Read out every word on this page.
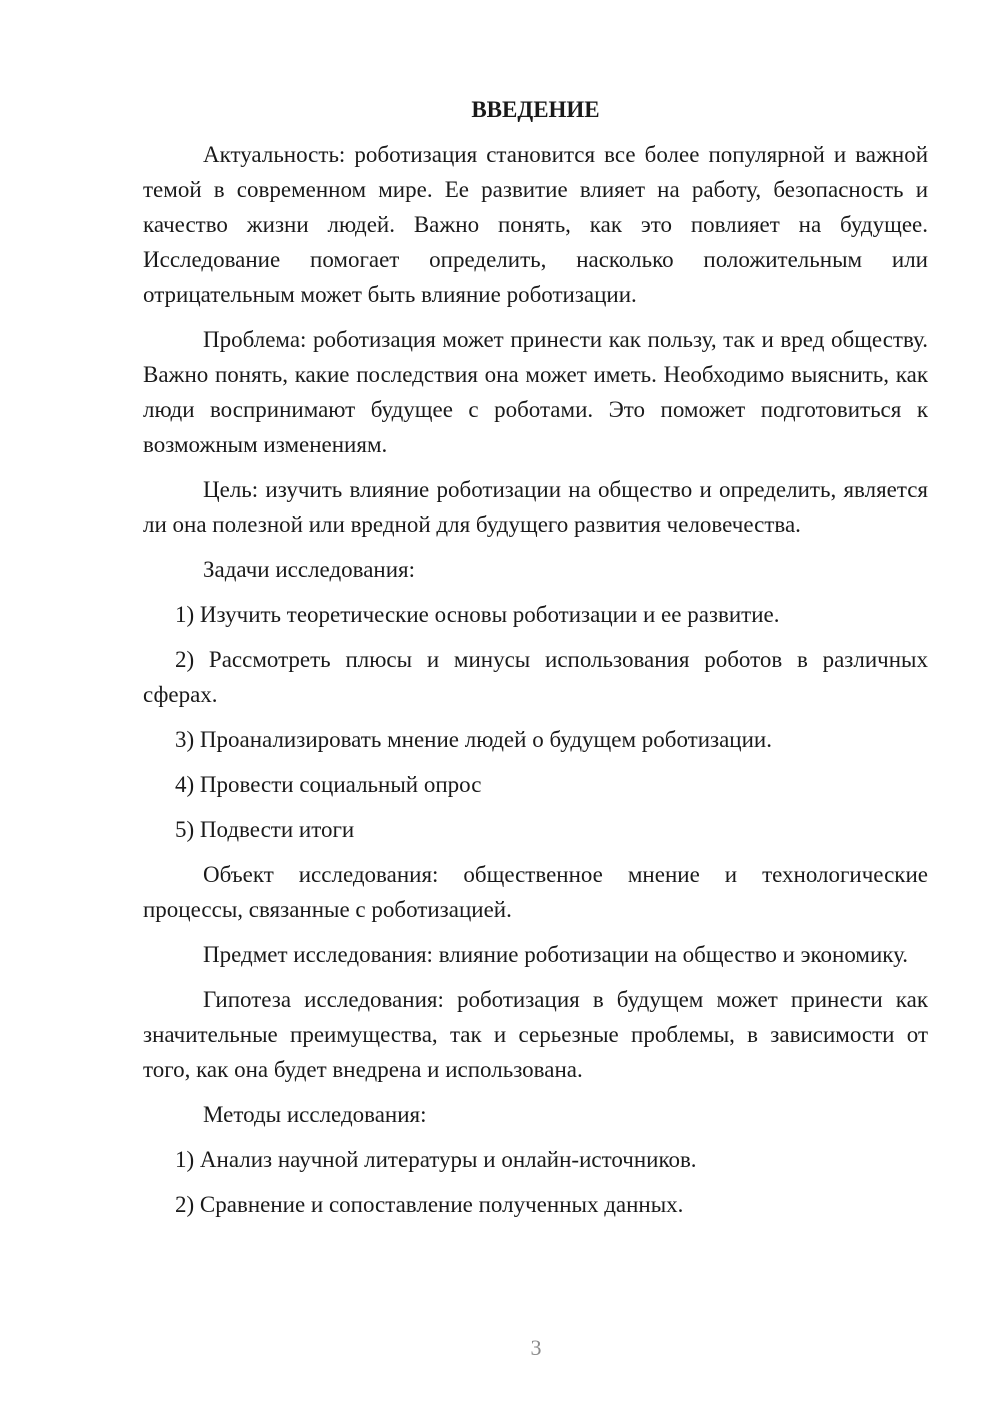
ВВЕДЕНИЕ

Актуальность: роботизация становится все более популярной и важной темой в современном мире. Ее развитие влияет на работу, безопасность и качество жизни людей. Важно понять, как это повлияет на будущее. Исследование помогает определить, насколько положительным или отрицательным может быть влияние роботизации.

Проблема: роботизация может принести как пользу, так и вред обществу. Важно понять, какие последствия она может иметь. Необходимо выяснить, как люди воспринимают будущее с роботами. Это поможет подготовиться к возможным изменениям.

Цель: изучить влияние роботизации на общество и определить, является ли она полезной или вредной для будущего развития человечества.

Задачи исследования:

1) Изучить теоретические основы роботизации и ее развитие.

2) Рассмотреть плюсы и минусы использования роботов в различных сферах.

3) Проанализировать мнение людей о будущем роботизации.

4) Провести социальный опрос

5) Подвести итоги

Объект исследования: общественное мнение и технологические процессы, связанные с роботизацией.

Предмет исследования: влияние роботизации на общество и экономику.

Гипотеза исследования: роботизация в будущем может принести как значительные преимущества, так и серьезные проблемы, в зависимости от того, как она будет внедрена и использована.

Методы исследования:

1) Анализ научной литературы и онлайн-источников.

2) Сравнение и сопоставление полученных данных.

3
